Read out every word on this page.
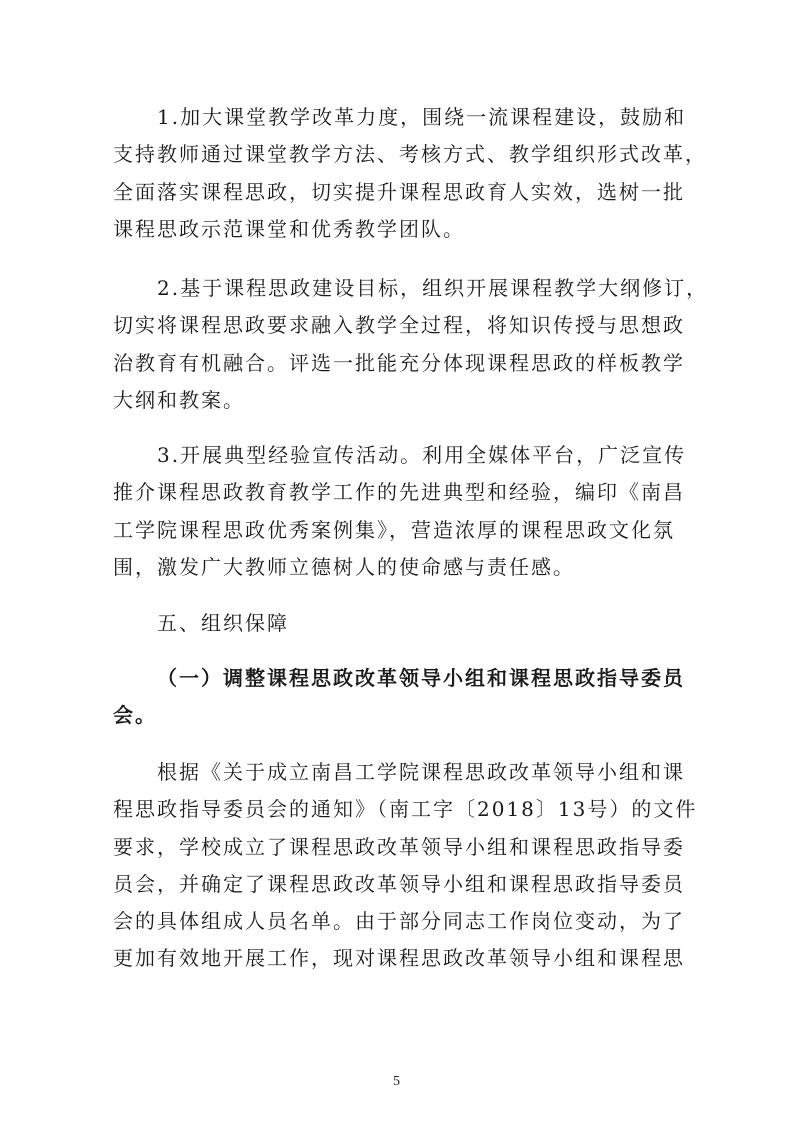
1.加大课堂教学改革力度，围绕一流课程建设，鼓励和
支持教师通过课堂教学方法、考核方式、教学组织形式改革，
全面落实课程思政，切实提升课程思政育人实效，选树一批
课程思政示范课堂和优秀教学团队。

2.基于课程思政建设目标，组织开展课程教学大纲修订，
切实将课程思政要求融入教学全过程，将知识传授与思想政
治教育有机融合。评选一批能充分体现课程思政的样板教学
大纲和教案。

3.开展典型经验宣传活动。利用全媒体平台，广泛宣传
推介课程思政教育教学工作的先进典型和经验，编印《南昌
工学院课程思政优秀案例集》，营造浓厚的课程思政文化氛
围，激发广大教师立德树人的使命感与责任感。

五、组织保障

（一）调整课程思政改革领导小组和课程思政指导委员
会。

根据《关于成立南昌工学院课程思政改革领导小组和课
程思政指导委员会的通知》（南工字〔2018〕13号）的文件
要求，学校成立了课程思政改革领导小组和课程思政指导委
员会，并确定了课程思政改革领导小组和课程思政指导委员
会的具体组成人员名单。由于部分同志工作岗位变动，为了
更加有效地开展工作，现对课程思政改革领导小组和课程思

5
